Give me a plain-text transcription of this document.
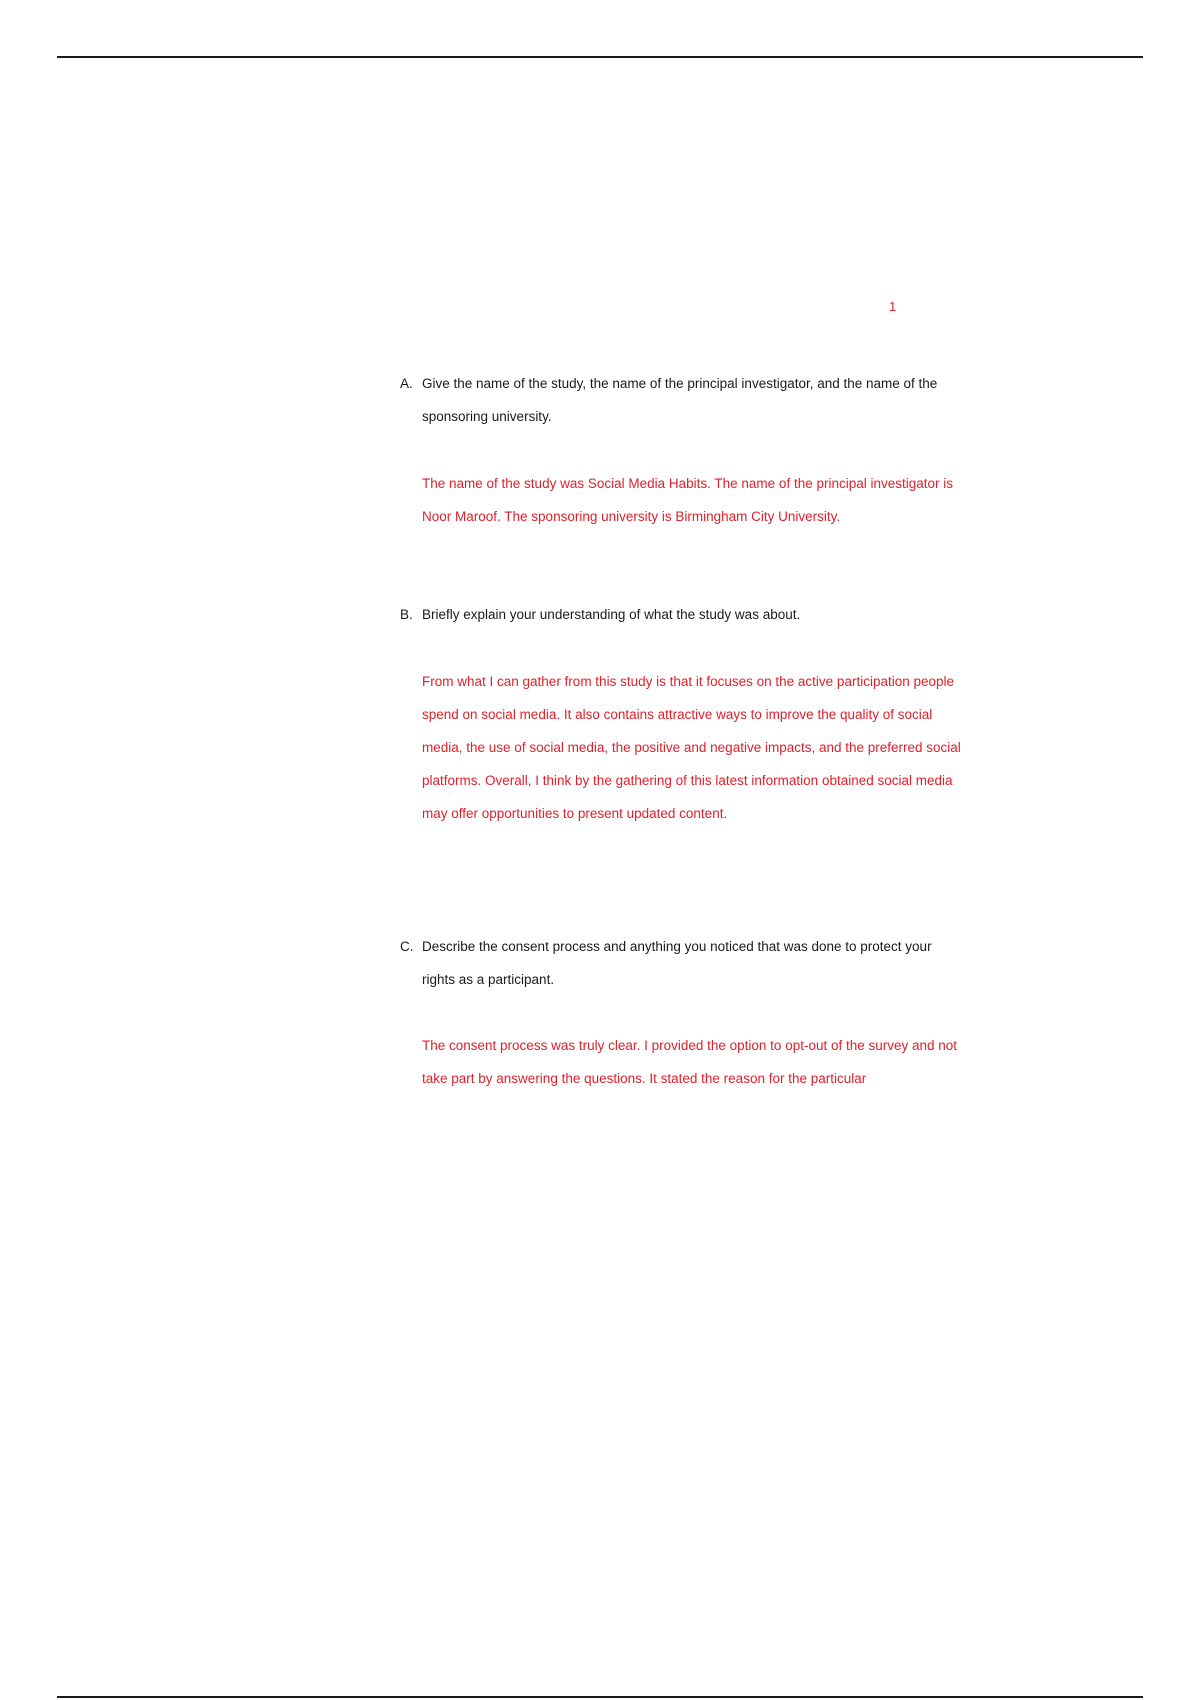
1
A. Give the name of the study, the name of the principal investigator, and the name of the sponsoring university.
The name of the study was Social Media Habits. The name of the principal investigator is Noor Maroof. The sponsoring university is Birmingham City University.
B. Briefly explain your understanding of what the study was about.
From what I can gather from this study is that it focuses on the active participation people spend on social media. It also contains attractive ways to improve the quality of social media, the use of social media, the positive and negative impacts, and the preferred social platforms. Overall, I think by the gathering of this latest information obtained social media may offer opportunities to present updated content.
C. Describe the consent process and anything you noticed that was done to protect your rights as a participant.
The consent process was truly clear. I provided the option to opt-out of the survey and not take part by answering the questions. It stated the reason for the particular
